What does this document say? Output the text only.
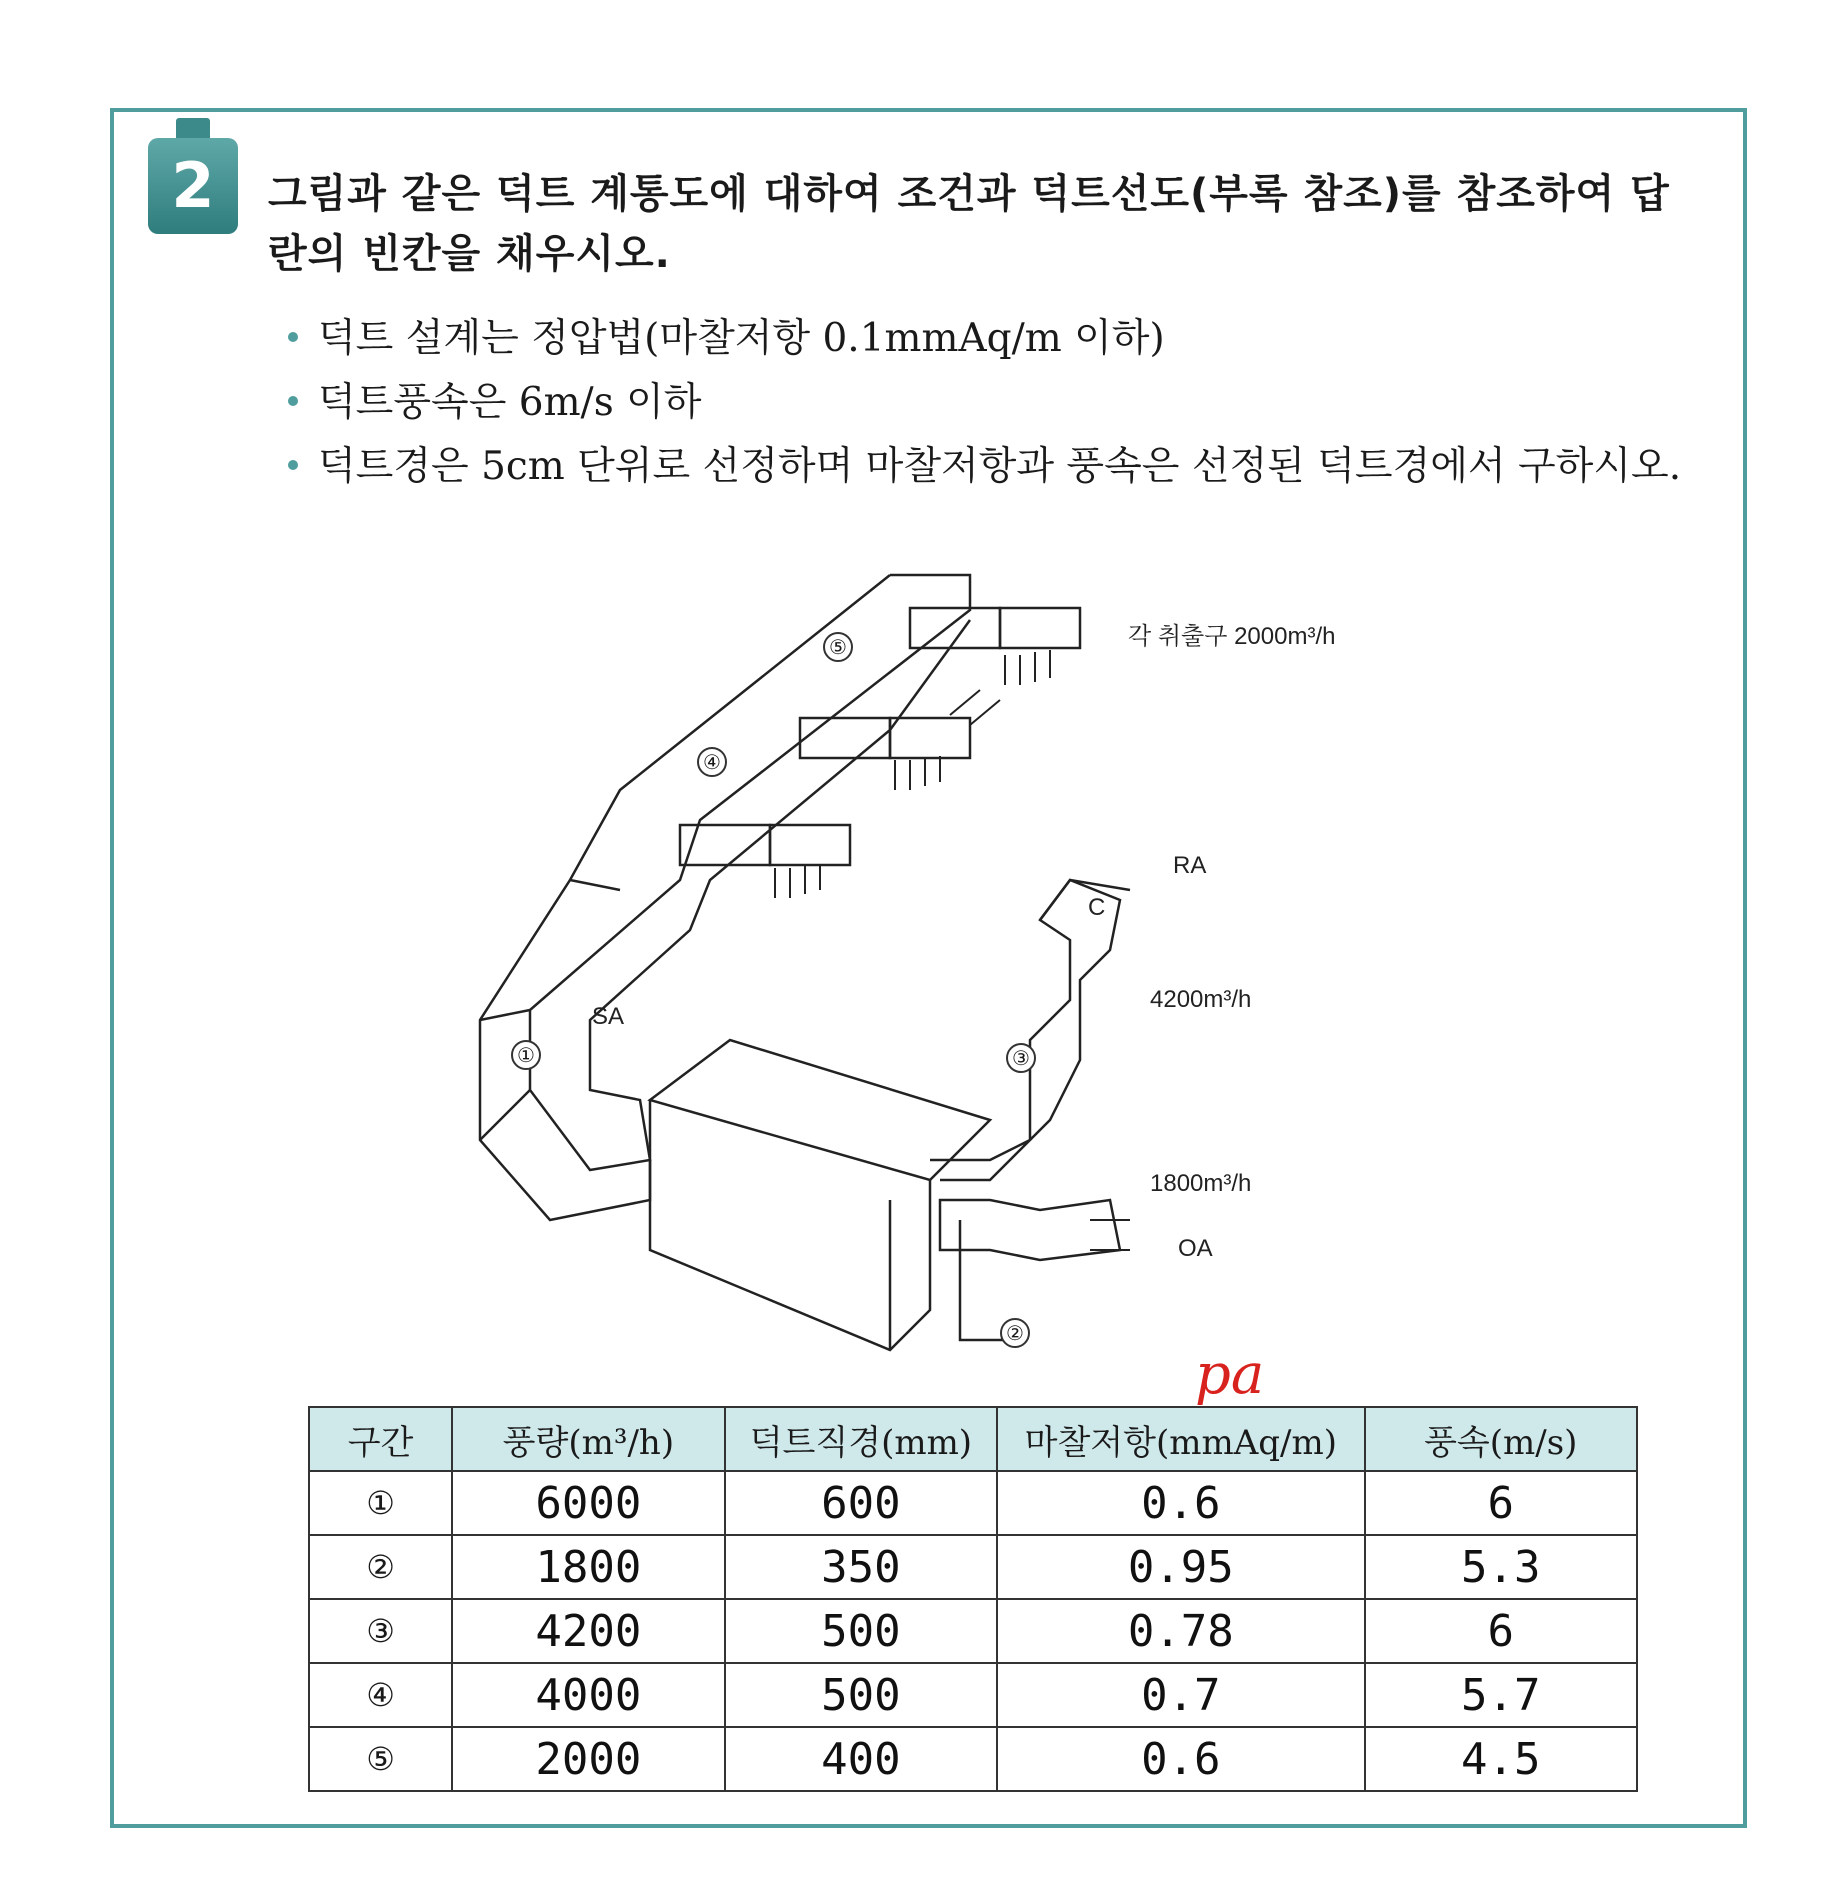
2	그림과 같은 덕트 계통도에 대하여 조건과 덕트선도(부록 참조)를 참조하여 답란의 빈칸을 채우시오.
덕트 설계는 정압법(마찰저항 0.1mmAq/m 이하)
덕트풍속은 6m/s 이하
덕트경은 5cm 단위로 선정하며 마찰저항과 풍속은 선정된 덕트경에서 구하시오.
각 취출구 2000m³/h
RA
C
4200m³/h
1800m³/h
OA
SA
①
②
③
④
⑤
pa
구간	풍량(m³/h)	덕트직경(mm)	마찰저항(mmAq/m)	풍속(m/s)
①	6000	600	0.6	6
②	1800	350	0.95	5.3
③	4200	500	0.78	6
④	4000	500	0.7	5.7
⑤	2000	400	0.6	4.5
